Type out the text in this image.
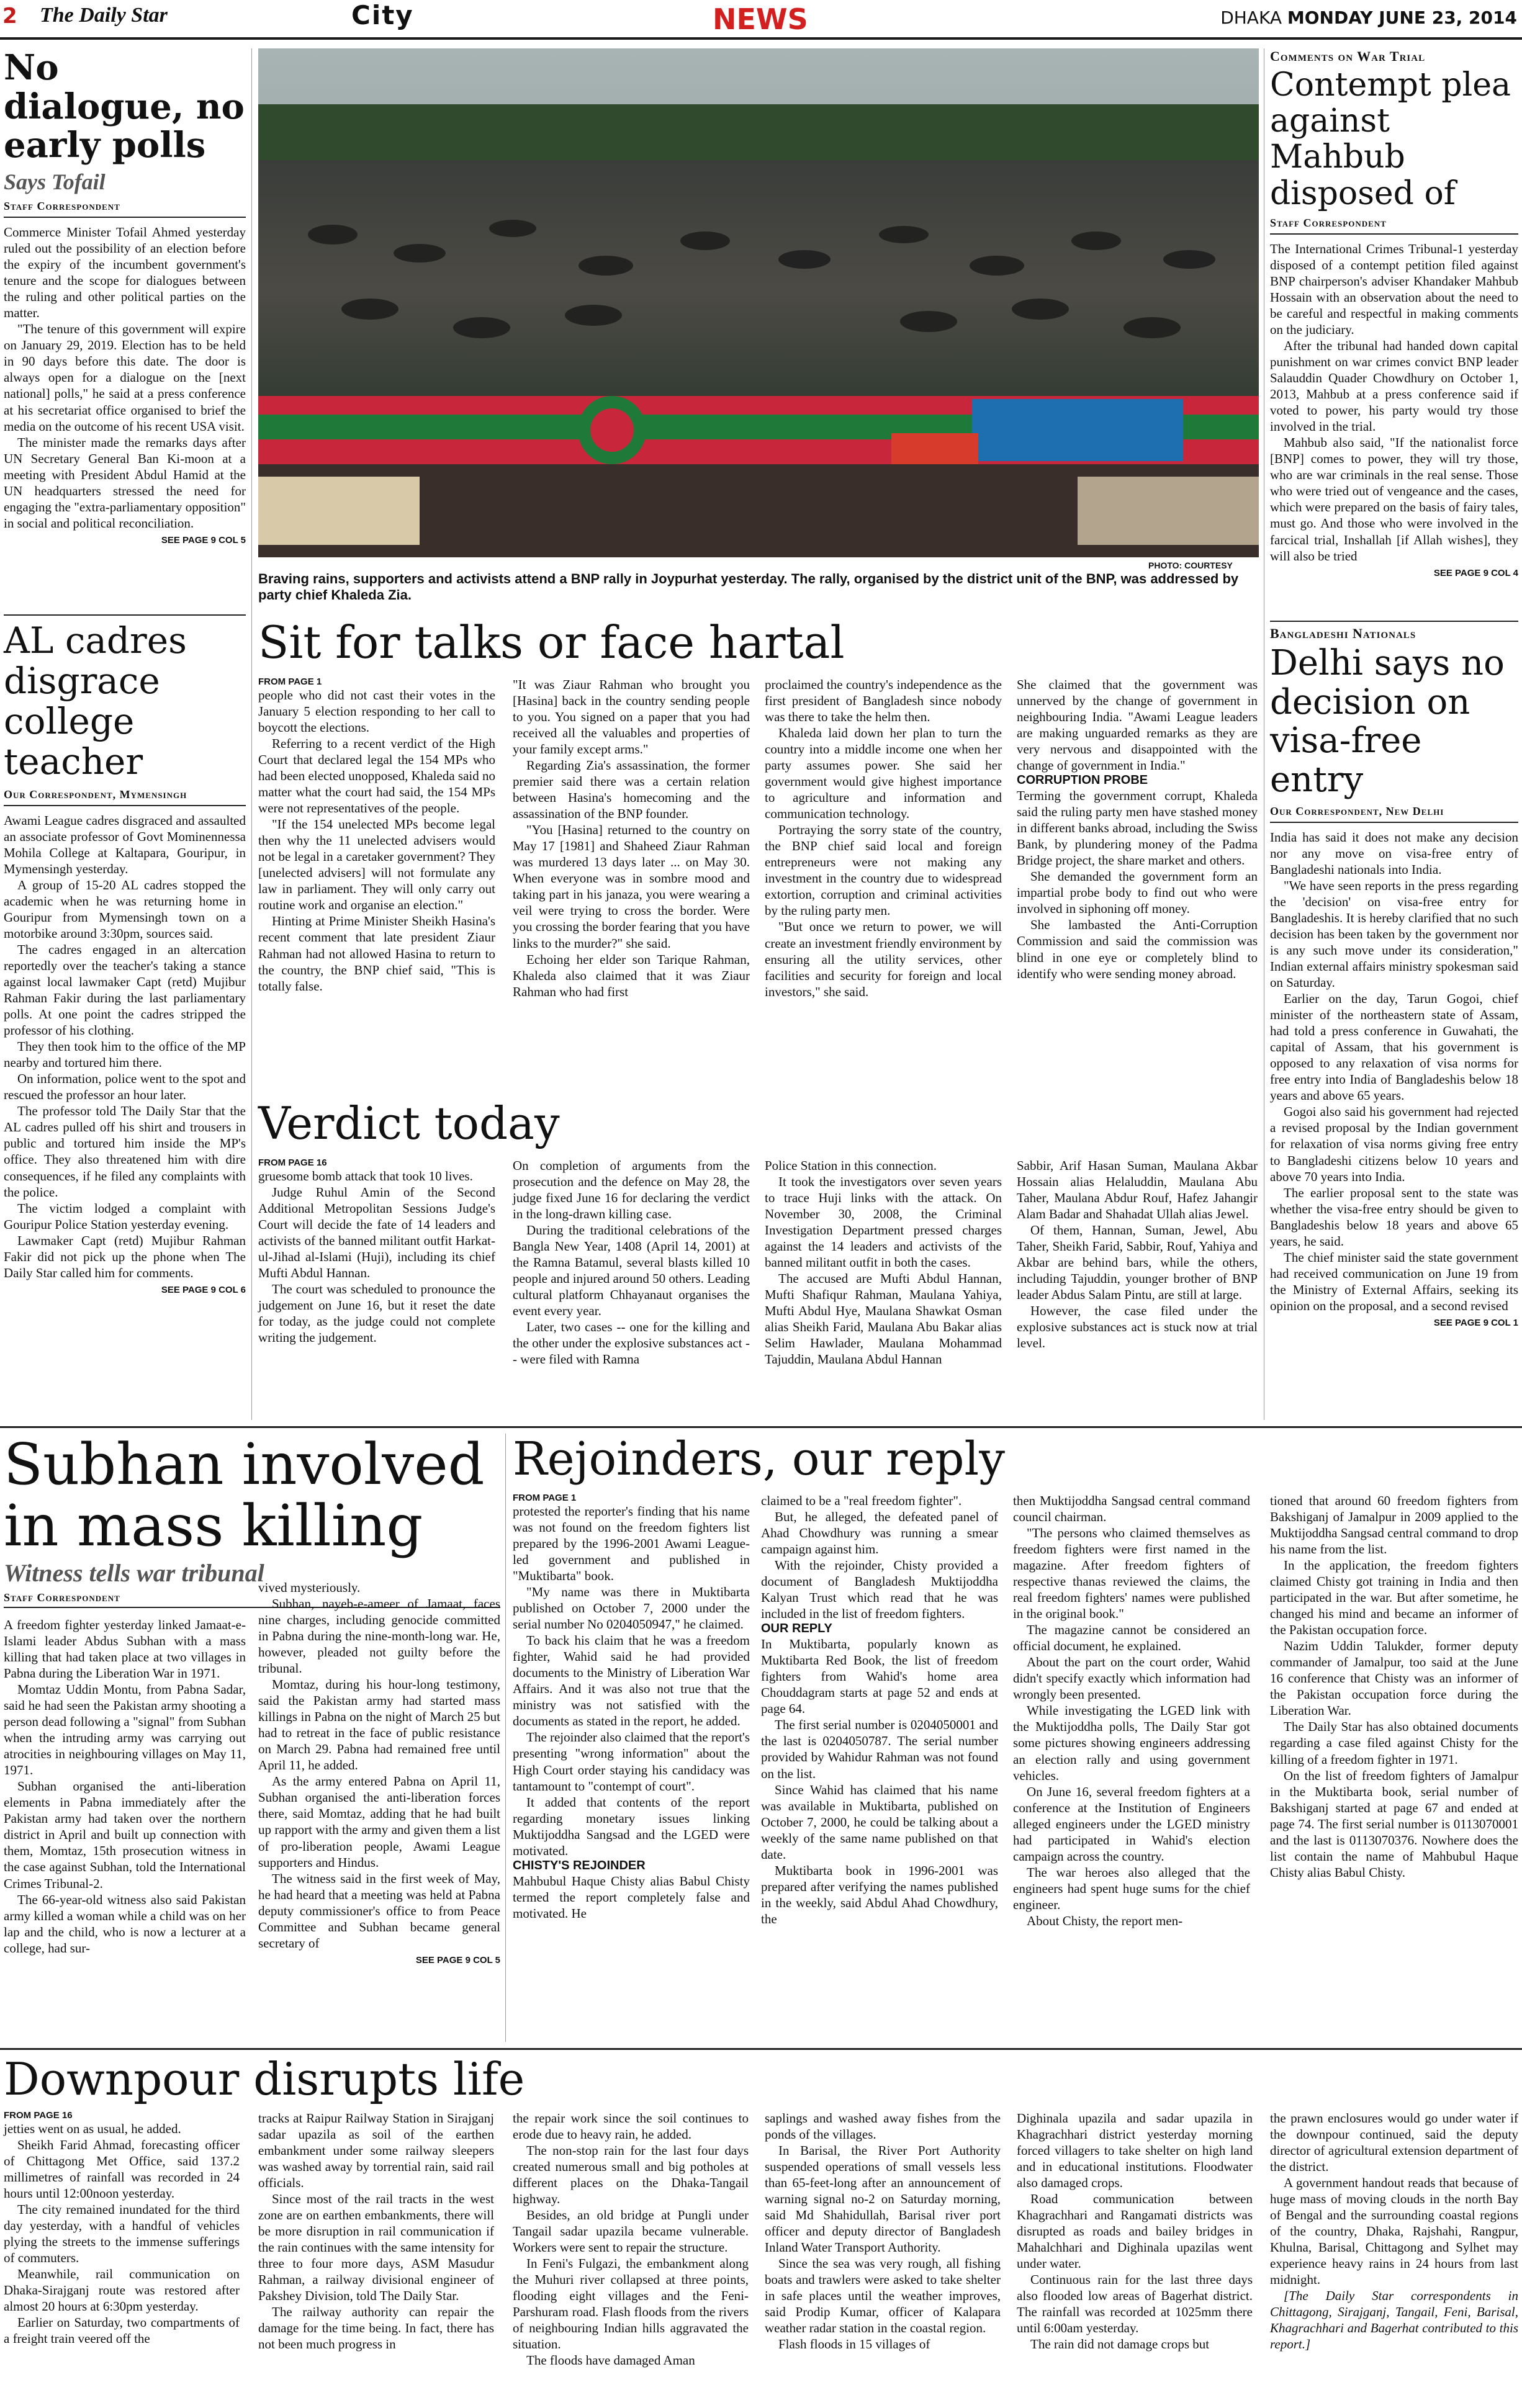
2 The Daily Star	City	NEWS	DHAKA MONDAY JUNE 23, 2014
No dialogue, no early polls
Says Tofail
Staff Correspondent

Commerce Minister Tofail Ahmed yesterday ruled out the possibility of an election before the expiry of the incumbent government's tenure and the scope for dialogues between the ruling and other political parties on the matter.

"The tenure of this government will expire on January 29, 2019. Election has to be held in 90 days before this date. The door is always open for a dialogue on the [next national] polls," he said at a press conference at his secretariat office organised to brief the media on the outcome of his recent USA visit.

The minister made the remarks days after UN Secretary General Ban Ki-moon at a meeting with President Abdul Hamid at the UN headquarters stressed the need for engaging the "extra-parliamentary opposition" in social and political reconciliation.

SEE PAGE 9 COL 5
AL cadres disgrace college teacher
Our Correspondent, Mymensingh

Awami League cadres disgraced and assaulted an associate professor of Govt Mominennessa Mohila College at Kaltapara, Gouripur, in Mymensingh yesterday.

A group of 15-20 AL cadres stopped the academic when he was returning home in Gouripur from Mymensingh town on a motorbike around 3:30pm, sources said.

The cadres engaged in an altercation reportedly over the teacher's taking a stance against local lawmaker Capt (retd) Mujibur Rahman Fakir during the last parliamentary polls. At one point the cadres stripped the professor of his clothing.

They then took him to the office of the MP nearby and tortured him there.

On information, police went to the spot and rescued the professor an hour later.

The professor told The Daily Star that the AL cadres pulled off his shirt and trousers in public and tortured him inside the MP's office. They also threatened him with dire consequences, if he filed any complaints with the police.

The victim lodged a complaint with Gouripur Police Station yesterday evening.

Lawmaker Capt (retd) Mujibur Rahman Fakir did not pick up the phone when The Daily Star called him for comments.

SEE PAGE 9 COL 6
PHOTO: COURTESY
Braving rains, supporters and activists attend a BNP rally in Joypurhat yesterday. The rally, organised by the district unit of the BNP, was addressed by party chief Khaleda Zia.
Comments on War Trial
Contempt plea against Mahbub disposed of
Staff Correspondent

The International Crimes Tribunal-1 yesterday disposed of a contempt petition filed against BNP chairperson's adviser Khandaker Mahbub Hossain with an observation about the need to be careful and respectful in making comments on the judiciary.

After the tribunal had handed down capital punishment on war crimes convict BNP leader Salauddin Quader Chowdhury on October 1, 2013, Mahbub at a press conference said if voted to power, his party would try those involved in the trial.

Mahbub also said, "If the nationalist force [BNP] comes to power, they will try those, who are war criminals in the real sense. Those who were tried out of vengeance and the cases, which were prepared on the basis of fairy tales, must go. And those who were involved in the farcical trial, Inshallah [if Allah wishes], they will also be tried

SEE PAGE 9 COL 4
Bangladeshi Nationals
Delhi says no decision on visa-free entry
Our Correspondent, New Delhi

India has said it does not make any decision nor any move on visa-free entry of Bangladeshi nationals into India.

"We have seen reports in the press regarding the 'decision' on visa-free entry for Bangladeshis. It is hereby clarified that no such decision has been taken by the government nor is any such move under its consideration," Indian external affairs ministry spokesman said on Saturday.

Earlier on the day, Tarun Gogoi, chief minister of the northeastern state of Assam, had told a press conference in Guwahati, the capital of Assam, that his government is opposed to any relaxation of visa norms for free entry into India of Bangladeshis below 18 years and above 65 years.

Gogoi also said his government had rejected a revised proposal by the Indian government for relaxation of visa norms giving free entry to Bangladeshi citizens below 10 years and above 70 years into India.

The earlier proposal sent to the state was whether the visa-free entry should be given to Bangladeshis below 18 years and above 65 years, he said.

The chief minister said the state government had received communication on June 19 from the Ministry of External Affairs, seeking its opinion on the proposal, and a second revised

SEE PAGE 9 COL 1
Sit for talks or face hartal
FROM PAGE 1

people who did not cast their votes in the January 5 election responding to her call to boycott the elections.

Referring to a recent verdict of the High Court that declared legal the 154 MPs who had been elected unopposed, Khaleda said no matter what the court had said, the 154 MPs were not representatives of the people.

"If the 154 unelected MPs become legal then why the 11 unelected advisers would not be legal in a caretaker government? They [unelected advisers] will not formulate any law in parliament. They will only carry out routine work and organise an election."

Hinting at Prime Minister Sheikh Hasina's recent comment that late president Ziaur Rahman had not allowed Hasina to return to the country, the BNP chief said, "This is totally false.

"It was Ziaur Rahman who brought you [Hasina] back in the country sending people to you. You signed on a paper that you had received all the valuables and properties of your family except arms."

Regarding Zia's assassination, the former premier said there was a certain relation between Hasina's homecoming and the assassination of the BNP founder.

"You [Hasina] returned to the country on May 17 [1981] and Shaheed Ziaur Rahman was murdered 13 days later ... on May 30. When everyone was in sombre mood and taking part in his janaza, you were wearing a veil were trying to cross the border. Were you crossing the border fearing that you have links to the murder?" she said.

Echoing her elder son Tarique Rahman, Khaleda also claimed that it was Ziaur Rahman who had first

proclaimed the country's independence as the first president of Bangladesh since nobody was there to take the helm then.

Khaleda laid down her plan to turn the country into a middle income one when her party assumes power. She said her government would give highest importance to agriculture and information and communication technology.

Portraying the sorry state of the country, the BNP chief said local and foreign entrepreneurs were not making any investment in the country due to widespread extortion, corruption and criminal activities by the ruling party men.

"But once we return to power, we will create an investment friendly environment by ensuring all the utility services, other facilities and security for foreign and local investors," she said.

She claimed that the government was unnerved by the change of government in neighbouring India. "Awami League leaders are making unguarded remarks as they are very nervous and disappointed with the change of government in India."

CORRUPTION PROBE

Terming the government corrupt, Khaleda said the ruling party men have stashed money in different banks abroad, including the Swiss Bank, by plundering money of the Padma Bridge project, the share market and others.

She demanded the government form an impartial probe body to find out who were involved in siphoning off money.

She lambasted the Anti-Corruption Commission and said the commission was blind in one eye or completely blind to identify who were sending money abroad.

Verdict today
FROM PAGE 16

gruesome bomb attack that took 10 lives.

Judge Ruhul Amin of the Second Additional Metropolitan Sessions Judge's Court will decide the fate of 14 leaders and activists of the banned militant outfit Harkat-ul-Jihad al-Islami (Huji), including its chief Mufti Abdul Hannan.

The court was scheduled to pronounce the judgement on June 16, but it reset the date for today, as the judge could not complete writing the judgement.

On completion of arguments from the prosecution and the defence on May 28, the judge fixed June 16 for declaring the verdict in the long-drawn killing case.

During the traditional celebrations of the Bangla New Year, 1408 (April 14, 2001) at the Ramna Batamul, several blasts killed 10 people and injured around 50 others. Leading cultural platform Chhayanaut organises the event every year.

Later, two cases -- one for the killing and the other under the explosive substances act -- were filed with Ramna

Police Station in this connection.

It took the investigators over seven years to trace Huji links with the attack. On November 30, 2008, the Criminal Investigation Department pressed charges against the 14 leaders and activists of the banned militant outfit in both the cases.

The accused are Mufti Abdul Hannan, Mufti Shafiqur Rahman, Maulana Yahiya, Mufti Abdul Hye, Maulana Shawkat Osman alias Sheikh Farid, Maulana Abu Bakar alias Selim Hawlader, Maulana Mohammad Tajuddin, Maulana Abdul Hannan

Sabbir, Arif Hasan Suman, Maulana Akbar Hossain alias Helaluddin, Maulana Abu Taher, Maulana Abdur Rouf, Hafez Jahangir Alam Badar and Shahadat Ullah alias Jewel.

Of them, Hannan, Suman, Jewel, Abu Taher, Sheikh Farid, Sabbir, Rouf, Yahiya and Akbar are behind bars, while the others, including Tajuddin, younger brother of BNP leader Abdus Salam Pintu, are still at large.

However, the case filed under the explosive substances act is stuck now at trial level.

Subhan involved in mass killing
Witness tells war tribunal
Staff Correspondent

A freedom fighter yesterday linked Jamaat-e-Islami leader Abdus Subhan with a mass killing that had taken place at two villages in Pabna during the Liberation War in 1971.

Momtaz Uddin Montu, from Pabna Sadar, said he had seen the Pakistan army shooting a person dead following a "signal" from Subhan when the intruding army was carrying out atrocities in neighbouring villages on May 11, 1971.

Subhan organised the anti-liberation elements in Pabna immediately after the Pakistan army had taken over the northern district in April and built up connection with them, Momtaz, 15th prosecution witness in the case against Subhan, told the International Crimes Tribunal-2.

The 66-year-old witness also said Pakistan army killed a woman while a child was on her lap and the child, who is now a lecturer at a college, had sur-

vived mysteriously.

Subhan, nayeb-e-ameer of Jamaat, faces nine charges, including genocide committed in Pabna during the nine-month-long war. He, however, pleaded not guilty before the tribunal.

Momtaz, during his hour-long testimony, said the Pakistan army had started mass killings in Pabna on the night of March 25 but had to retreat in the face of public resistance on March 29. Pabna had remained free until April 11, he added.

As the army entered Pabna on April 11, Subhan organised the anti-liberation forces there, said Momtaz, adding that he had built up rapport with the army and given them a list of pro-liberation people, Awami League supporters and Hindus.

The witness said in the first week of May, he had heard that a meeting was held at Pabna deputy commissioner's office to from Peace Committee and Subhan became general secretary of

SEE PAGE 9 COL 5
Rejoinders, our reply
FROM PAGE 1

protested the reporter's finding that his name was not found on the freedom fighters list prepared by the 1996-2001 Awami League-led government and published in "Muktibarta" book.

"My name was there in Muktibarta published on October 7, 2000 under the serial number No 0204050947," he claimed.

To back his claim that he was a freedom fighter, Wahid said he had provided documents to the Ministry of Liberation War Affairs. And it was also not true that the ministry was not satisfied with the documents as stated in the report, he added.

The rejoinder also claimed that the report's presenting "wrong information" about the High Court order staying his candidacy was tantamount to "contempt of court".

It added that contents of the report regarding monetary issues linking Muktijoddha Sangsad and the LGED were motivated.

CHISTY'S REJOINDER

Mahbubul Haque Chisty alias Babul Chisty termed the report completely false and motivated. He

claimed to be a "real freedom fighter".

But, he alleged, the defeated panel of Ahad Chowdhury was running a smear campaign against him.

With the rejoinder, Chisty provided a document of Bangladesh Muktijoddha Kalyan Trust which read that he was included in the list of freedom fighters.

OUR REPLY

In Muktibarta, popularly known as Muktibarta Red Book, the list of freedom fighters from Wahid's home area Chouddagram starts at page 52 and ends at page 64.

The first serial number is 0204050001 and the last is 0204050787. The serial number provided by Wahidur Rahman was not found on the list.

Since Wahid has claimed that his name was available in Muktibarta, published on October 7, 2000, he could be talking about a weekly of the same name published on that date.

Muktibarta book in 1996-2001 was prepared after verifying the names published in the weekly, said Abdul Ahad Chowdhury, the

then Muktijoddha Sangsad central command council chairman.

"The persons who claimed themselves as freedom fighters were first named in the magazine. After freedom fighters of respective thanas reviewed the claims, the real freedom fighters' names were published in the original book."

The magazine cannot be considered an official document, he explained.

About the part on the court order, Wahid didn't specify exactly which information had wrongly been presented.

While investigating the LGED link with the Muktijoddha polls, The Daily Star got some pictures showing engineers addressing an election rally and using government vehicles.

On June 16, several freedom fighters at a conference at the Institution of Engineers alleged engineers under the LGED ministry had participated in Wahid's election campaign across the country.

The war heroes also alleged that the engineers had spent huge sums for the chief engineer.

About Chisty, the report men-

tioned that around 60 freedom fighters from Bakshiganj of Jamalpur in 2009 applied to the Muktijoddha Sangsad central command to drop his name from the list.

In the application, the freedom fighters claimed Chisty got training in India and then participated in the war. But after sometime, he changed his mind and became an informer of the Pakistan occupation force.

Nazim Uddin Talukder, former deputy commander of Jamalpur, too said at the June 16 conference that Chisty was an informer of the Pakistan occupation force during the Liberation War.

The Daily Star has also obtained documents regarding a case filed against Chisty for the killing of a freedom fighter in 1971.

On the list of freedom fighters of Jamalpur in the Muktibarta book, serial number of Bakshiganj started at page 67 and ended at page 74. The first serial number is 0113070001 and the last is 0113070376. Nowhere does the list contain the name of Mahbubul Haque Chisty alias Babul Chisty.

Downpour disrupts life
FROM PAGE 16

jetties went on as usual, he added.

Sheikh Farid Ahmad, forecasting officer of Chittagong Met Office, said 137.2 millimetres of rainfall was recorded in 24 hours until 12:00noon yesterday.

The city remained inundated for the third day yesterday, with a handful of vehicles plying the streets to the immense sufferings of commuters.

Meanwhile, rail communication on Dhaka-Sirajganj route was restored after almost 20 hours at 6:30pm yesterday.

Earlier on Saturday, two compartments of a freight train veered off the

tracks at Raipur Railway Station in Sirajganj sadar upazila as soil of the earthen embankment under some railway sleepers was washed away by torrential rain, said rail officials.

Since most of the rail tracts in the west zone are on earthen embankments, there will be more disruption in rail communication if the rain continues with the same intensity for three to four more days, ASM Masudur Rahman, a railway divisional engineer of Pakshey Division, told The Daily Star.

The railway authority can repair the damage for the time being. In fact, there has not been much progress in

the repair work since the soil continues to erode due to heavy rain, he added.

The non-stop rain for the last four days created numerous small and big potholes at different places on the Dhaka-Tangail highway.

Besides, an old bridge at Pungli under Tangail sadar upazila became vulnerable. Workers were sent to repair the structure.

In Feni's Fulgazi, the embankment along the Muhuri river collapsed at three points, flooding eight villages and the Feni-Parshuram road. Flash floods from the rivers of neighbouring Indian hills aggravated the situation.

The floods have damaged Aman

saplings and washed away fishes from the ponds of the villages.

In Barisal, the River Port Authority suspended operations of small vessels less than 65-feet-long after an announcement of warning signal no-2 on Saturday morning, said Md Shahidullah, Barisal river port officer and deputy director of Bangladesh Inland Water Transport Authority.

Since the sea was very rough, all fishing boats and trawlers were asked to take shelter in safe places until the weather improves, said Prodip Kumar, officer of Kalapara weather radar station in the coastal region.

Flash floods in 15 villages of

Dighinala upazila and sadar upazila in Khagrachhari district yesterday morning forced villagers to take shelter on high land and in educational institutions. Floodwater also damaged crops.

Road communication between Khagrachhari and Rangamati districts was disrupted as roads and bailey bridges in Mahalchhari and Dighinala upazilas went under water.

Continuous rain for the last three days also flooded low areas of Bagerhat district. The rainfall was recorded at 1025mm there until 6:00am yesterday.

The rain did not damage crops but

the prawn enclosures would go under water if the downpour continued, said the deputy director of agricultural extension department of the district.

A government handout reads that because of huge mass of moving clouds in the north Bay of Bengal and the surrounding coastal regions of the country, Dhaka, Rajshahi, Rangpur, Khulna, Barisal, Chittagong and Sylhet may experience heavy rains in 24 hours from last midnight.

[The Daily Star correspondents in Chittagong, Sirajganj, Tangail, Feni, Barisal, Khagrachhari and Bagerhat contributed to this report.]
